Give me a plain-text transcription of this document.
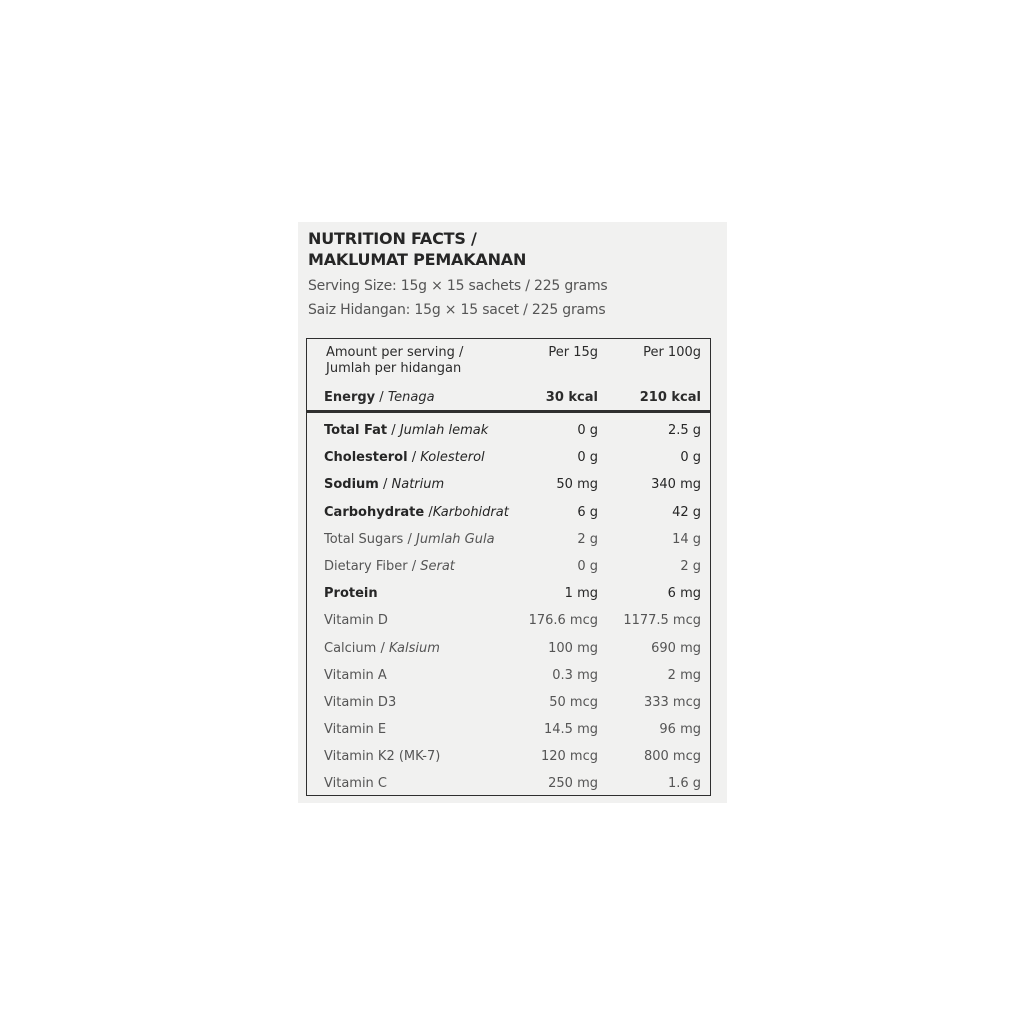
NUTRITION FACTS /
MAKLUMAT PEMAKANAN
Serving Size: 15g × 15 sachets / 225 grams
Saiz Hidangan: 15g × 15 sacet / 225 grams
Amount per serving /
Jumlah per hidangan
Per 15g	Per 100g
Energy / Tenaga	30 kcal	210 kcal
Total Fat / Jumlah lemak	0 g	2.5 g
Cholesterol / Kolesterol	0 g	0 g
Sodium / Natrium	50 mg	340 mg
Carbohydrate /Karbohidrat	6 g	42 g
Total Sugars / Jumlah Gula	2 g	14 g
Dietary Fiber / Serat	0 g	2 g
Protein	1 mg	6 mg
Vitamin D	176.6 mcg 1177.5 mcg
Calcium / Kalsium	100 mg	690 mg
Vitamin A	0.3 mg	2 mg
Vitamin D3	50 mcg	333 mcg
Vitamin E	14.5 mg	96 mg
Vitamin K2 (MK-7)	120 mcg	800 mcg
Vitamin C	250 mg	1.6 g
